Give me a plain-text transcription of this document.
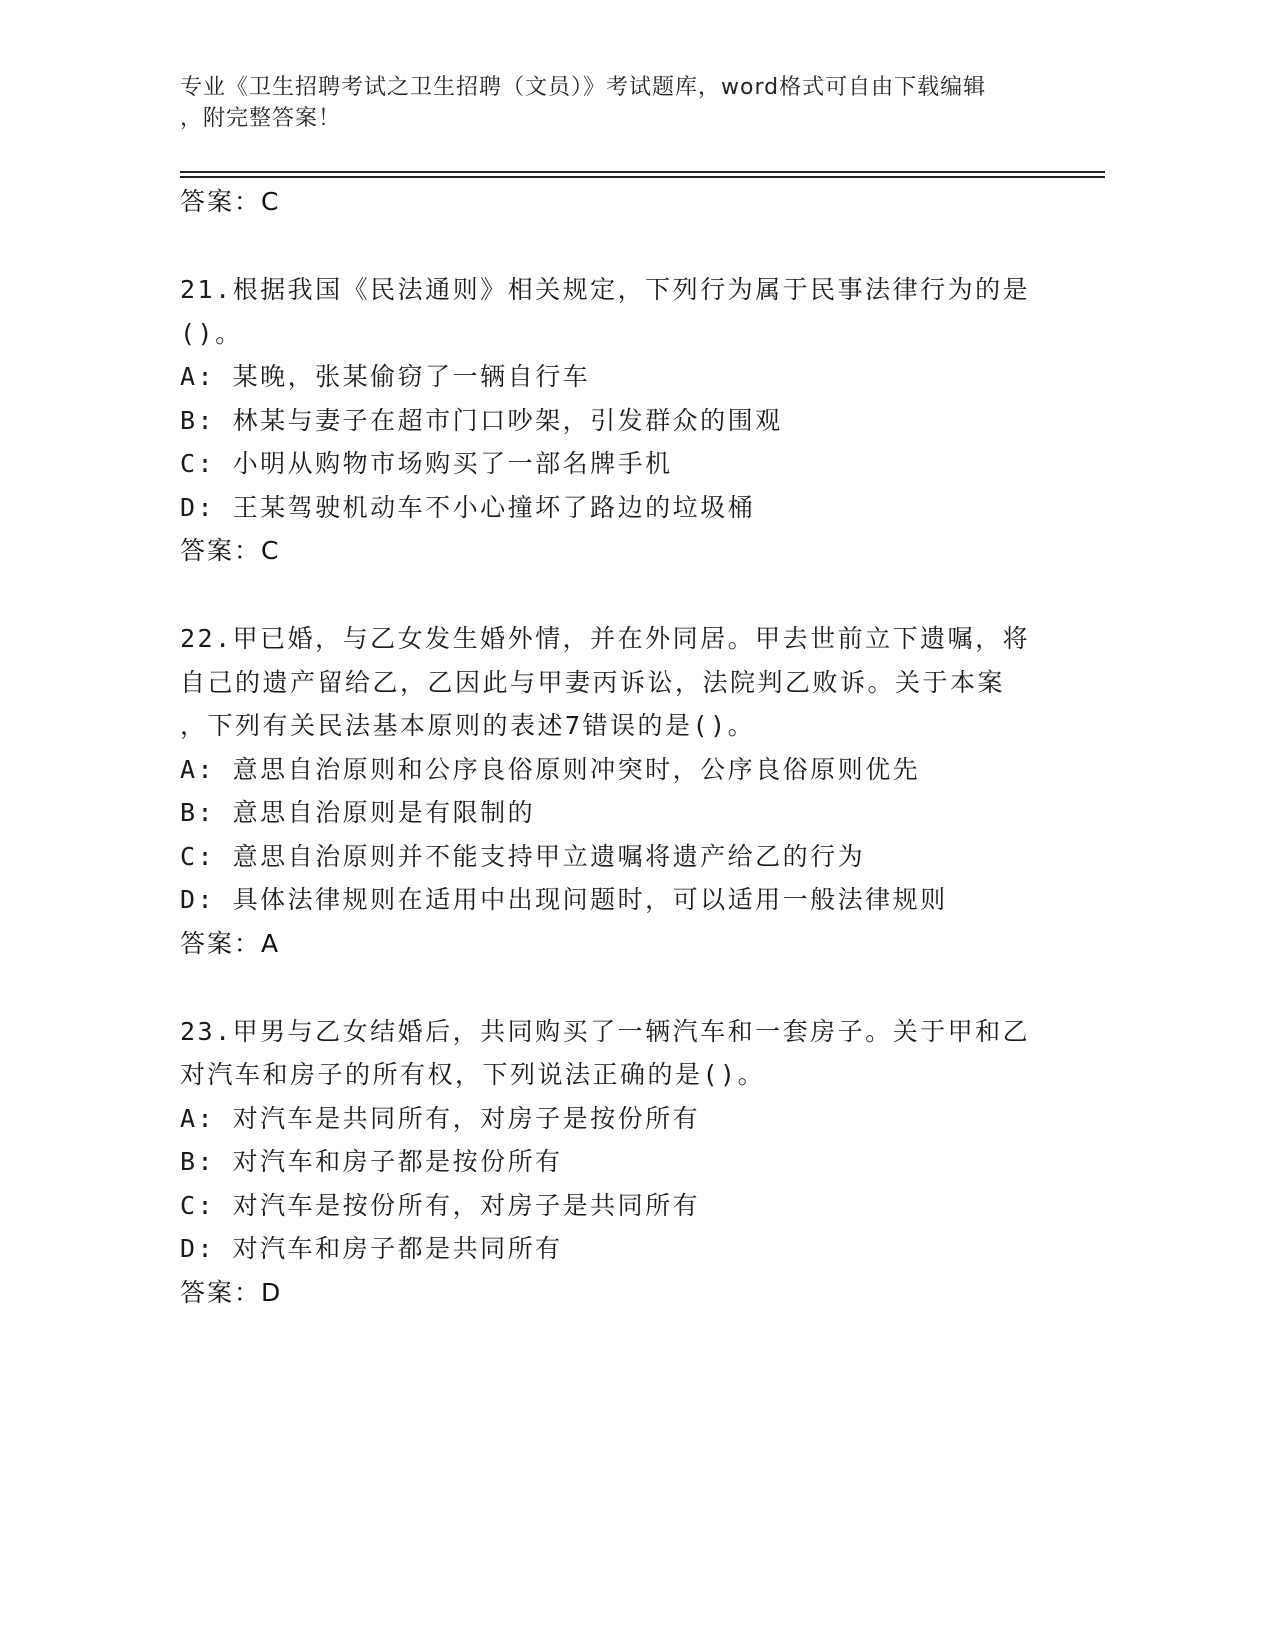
专业《卫生招聘考试之卫生招聘（文员）》考试题库，word格式可自由下载编辑
，附完整答案！
答案：C
21.根据我国《民法通则》相关规定，下列行为属于民事法律行为的是
()。
A: 某晚，张某偷窃了一辆自行车
B: 林某与妻子在超市门口吵架，引发群众的围观
C: 小明从购物市场购买了一部名牌手机
D: 王某驾驶机动车不小心撞坏了路边的垃圾桶
答案：C
22.甲已婚，与乙女发生婚外情，并在外同居。甲去世前立下遗嘱，将
自己的遗产留给乙，乙因此与甲妻丙诉讼，法院判乙败诉。关于本案
，下列有关民法基本原则的表述7错误的是()。
A: 意思自治原则和公序良俗原则冲突时，公序良俗原则优先
B: 意思自治原则是有限制的
C: 意思自治原则并不能支持甲立遗嘱将遗产给乙的行为
D: 具体法律规则在适用中出现问题时，可以适用一般法律规则
答案：A
23.甲男与乙女结婚后，共同购买了一辆汽车和一套房子。关于甲和乙
对汽车和房子的所有权，下列说法正确的是()。
A: 对汽车是共同所有，对房子是按份所有
B: 对汽车和房子都是按份所有
C: 对汽车是按份所有，对房子是共同所有
D: 对汽车和房子都是共同所有
答案：D
